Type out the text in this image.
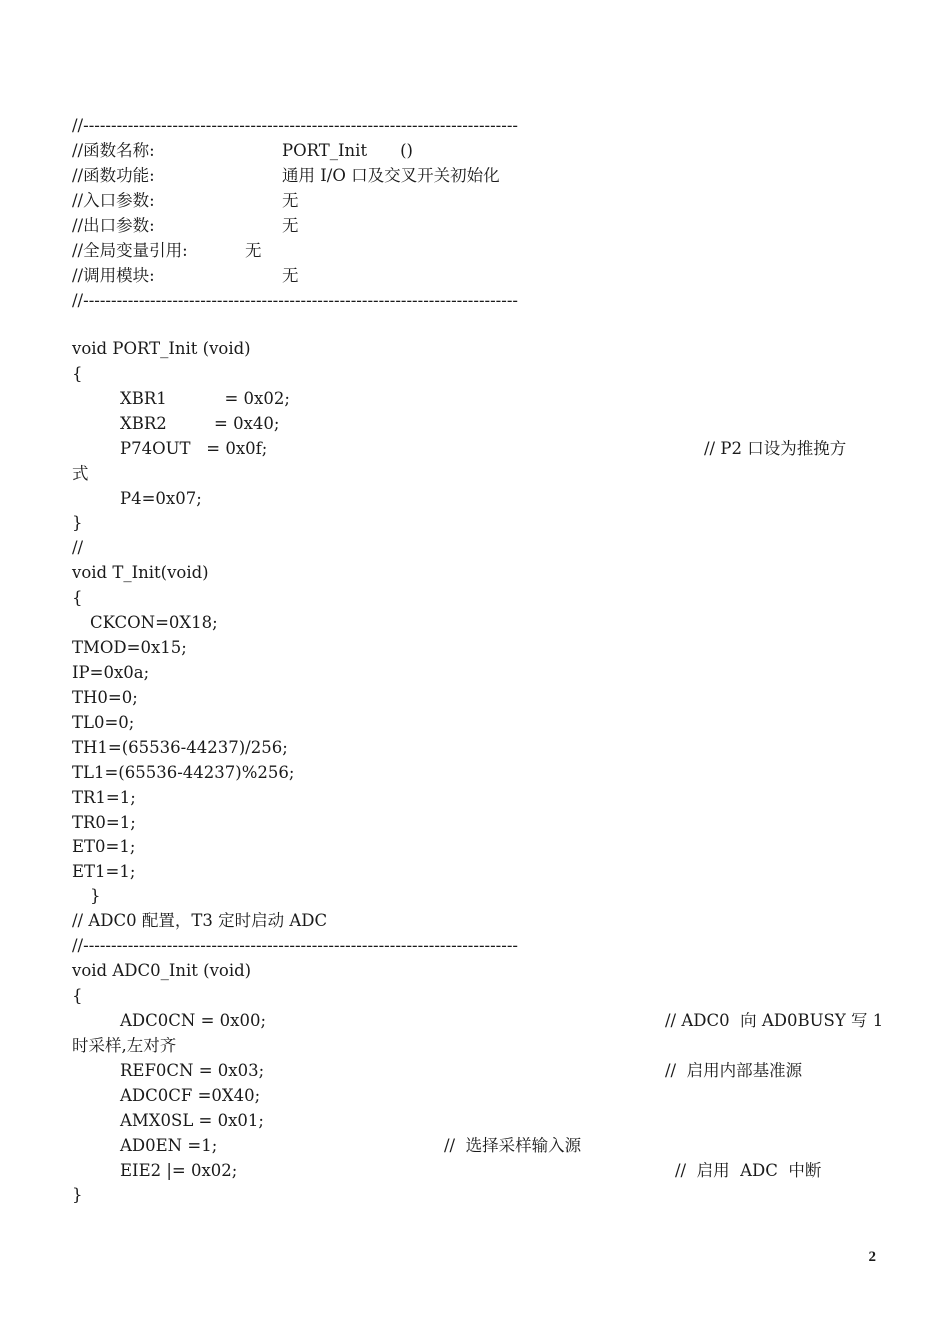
//------------------------------------------------------------------------------
//函数名称:	PORT_Init　　()
//函数功能:	通用 I/O 口及交叉开关初始化
//入口参数:	无
//出口参数:	无
//全局变量引用:	无
//调用模块:	无
//------------------------------------------------------------------------------
void PORT_Init (void)
{
XBR1           = 0x02;
XBR2         = 0x40;
P74OUT   = 0x0f;	// P2 口设为推挽方
式
P4=0x07;
}
//
void T_Init(void)
{
CKCON=0X18;
TMOD=0x15;
IP=0x0a;
TH0=0;
TL0=0;
TH1=(65536-44237)/256;
TL1=(65536-44237)%256;
TR1=1;
TR0=1;
ET0=1;
ET1=1;
}
// ADC0 配置，T3 定时启动 ADC
//------------------------------------------------------------------------------
void ADC0_Init (void)
{
ADC0CN = 0x00;	// ADC0  向 AD0BUSY 写 1
时采样,左对齐
REF0CN = 0x03;	//  启用内部基准源
ADC0CF =0X40;
AMX0SL = 0x01;
AD0EN =1;	//  选择采样输入源
EIE2 |= 0x02;	//  启用  ADC  中断
}
2
